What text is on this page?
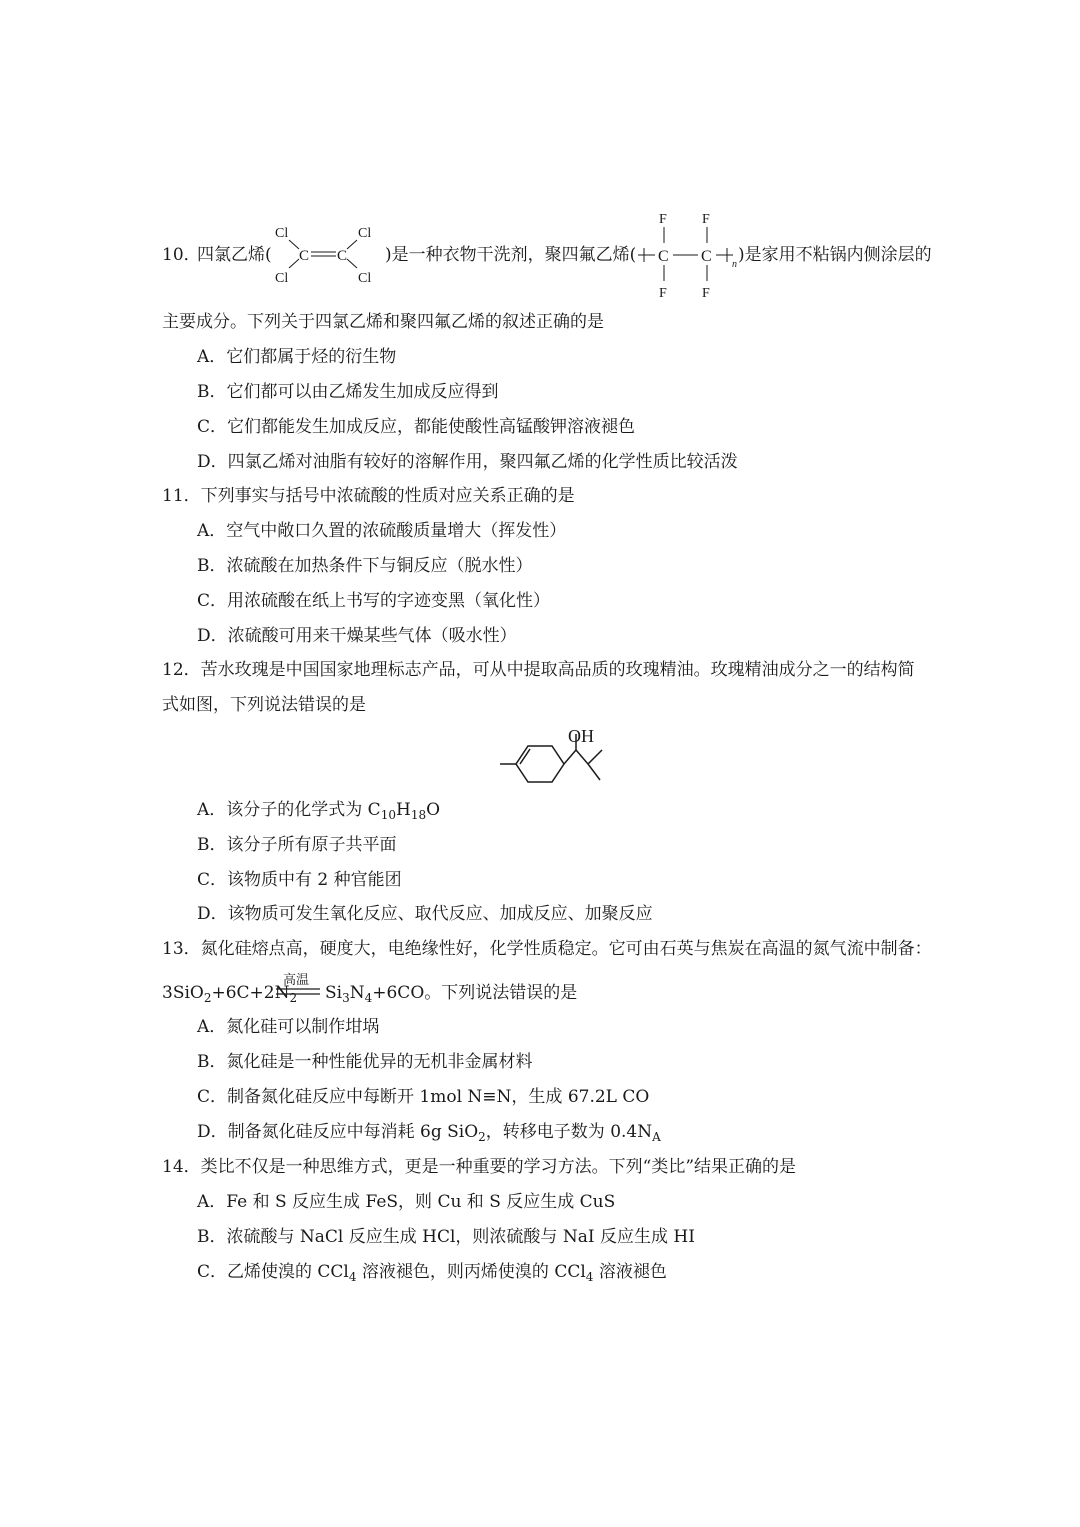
10．
四氯乙烯(
Cl
Cl
Cl
Cl
C C )是一种衣物干洗剂，聚四氟乙烯(
F	F
F	F
C C n )是家用不粘锅内侧涂层的
主要成分。下列关于四氯乙烯和聚四氟乙烯的叙述正确的是
A．它们都属于烃的衍生物
B．它们都可以由乙烯发生加成反应得到
C．它们都能发生加成反应，都能使酸性高锰酸钾溶液褪色
D．四氯乙烯对油脂有较好的溶解作用，聚四氟乙烯的化学性质比较活泼
11．下列事实与括号中浓硫酸的性质对应关系正确的是
A．空气中敞口久置的浓硫酸质量增大（挥发性）
B．浓硫酸在加热条件下与铜反应（脱水性）
C．用浓硫酸在纸上书写的字迹变黑（氧化性）
D．浓硫酸可用来干燥某些气体（吸水性）
12．苦水玫瑰是中国国家地理标志产品，可从中提取高品质的玫瑰精油。玫瑰精油成分之一的结构简
式如图，下列说法错误的是
OH
A．该分子的化学式为 $C_{10}H_{18}O$
B．该分子所有原子共平面
C．该物质中有 2 种官能团
D．该物质可发生氧化反应、取代反应、加成反应、加聚反应
13．氮化硅熔点高，硬度大，电绝缘性好，化学性质稳定。它可由石英与焦炭在高温的氮气流中制备：
$3SiO_2+6C+2N_2$
高温
$Si_3N_4+6CO$。下列说法错误的是
A．氮化硅可以制作坩埚
B．氮化硅是一种性能优异的无机非金属材料
C．制备氮化硅反应中每断开 1mol N≡N，生成 67.2L CO
D．制备氮化硅反应中每消耗 6g SiO$_2$，转移电子数为 $0.4N_A$
14．类比不仅是一种思维方式，更是一种重要的学习方法。下列“类比”结果正确的是
A．Fe 和 S 反应生成 FeS，则 Cu 和 S 反应生成 CuS
B．浓硫酸与 NaCl 反应生成 HCl，则浓硫酸与 NaI 反应生成 HI
C．乙烯使溴的 CCl$_4$ 溶液褪色，则丙烯使溴的 CCl$_4$ 溶液褪色
